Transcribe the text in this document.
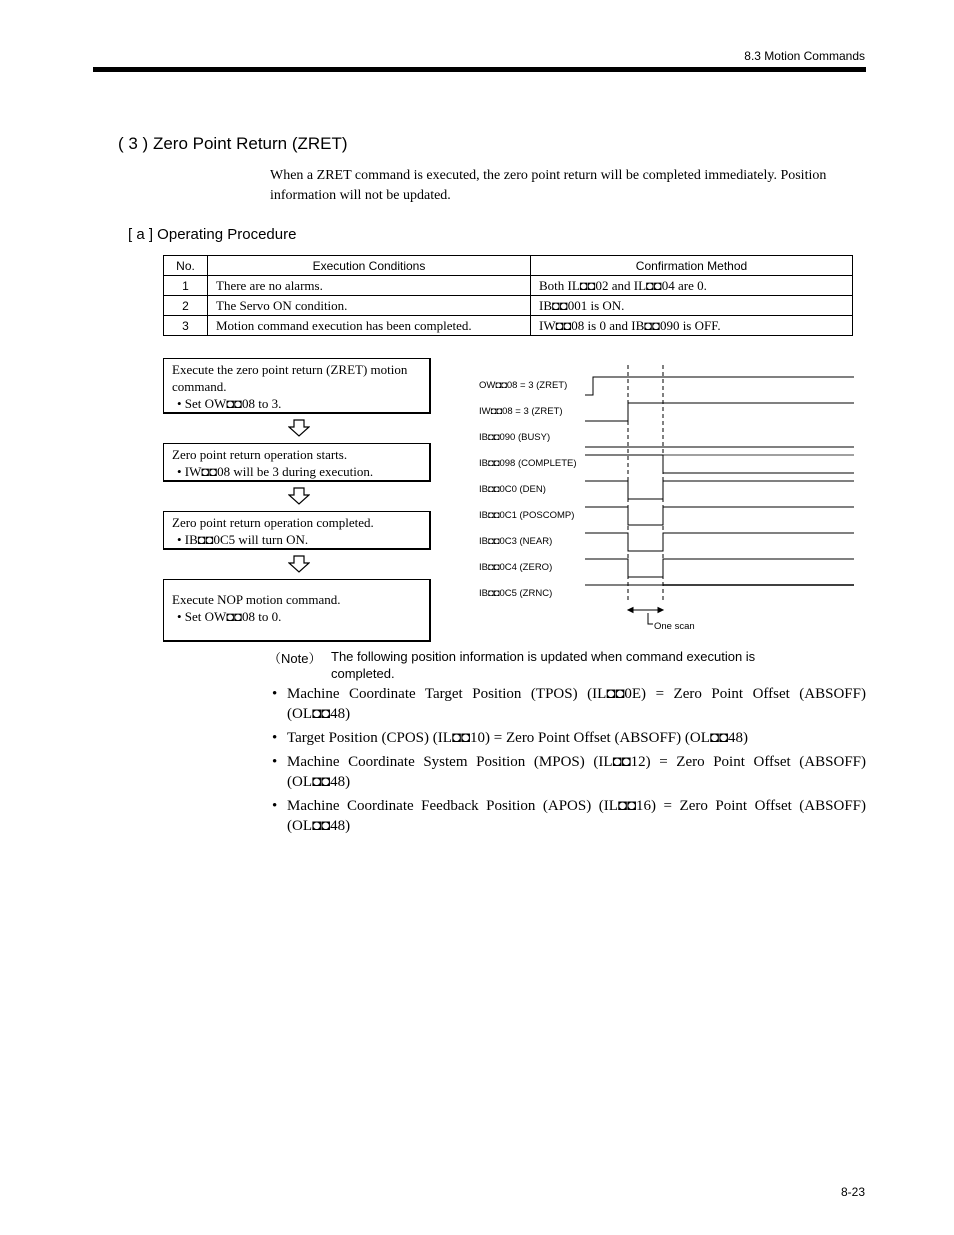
8.3 Motion Commands
( 3 ) Zero Point Return (ZRET)
When a ZRET command is executed, the zero point return will be completed immediately. Position information will not be updated.
[ a ] Operating Procedure
No.	Execution Conditions	Confirmation Method
1	There are no alarms.	Both IL◘◘02 and IL◘◘04 are 0.
2	The Servo ON condition.	IB◘◘001 is ON.
3	Motion command execution has been completed.	IW◘◘08 is 0 and IB◘◘090 is OFF.
Execute the zero point return (ZRET) motion command.
• Set OW◘◘08 to 3.
Zero point return operation starts.
• IW◘◘08 will be 3 during execution.
Zero point return operation completed.
• IB◘◘0C5 will turn ON.
Execute NOP motion command.
• Set OW◘◘08 to 0.
OW◘◘08 = 3 (ZRET)
IW◘◘08 = 3 (ZRET)
IB◘◘090 (BUSY)
IB◘◘098 (COMPLETE)
IB◘◘0C0 (DEN)
IB◘◘0C1 (POSCOMP)
IB◘◘0C3 (NEAR)
IB◘◘0C4 (ZERO)
One scan
IB◘◘0C5 (ZRNC)
（Note） The following position information is updated when command execution is completed.
• Machine Coordinate Target Position (TPOS) (IL◘◘0E) = Zero Point Offset (ABSOFF) (OL◘◘48)
• Target Position (CPOS) (IL◘◘10) = Zero Point Offset (ABSOFF) (OL◘◘48)
• Machine Coordinate System Position (MPOS) (IL◘◘12) = Zero Point Offset (ABSOFF) (OL◘◘48)
• Machine Coordinate Feedback Position (APOS) (IL◘◘16) = Zero Point Offset (ABSOFF) (OL◘◘48)
8-23
